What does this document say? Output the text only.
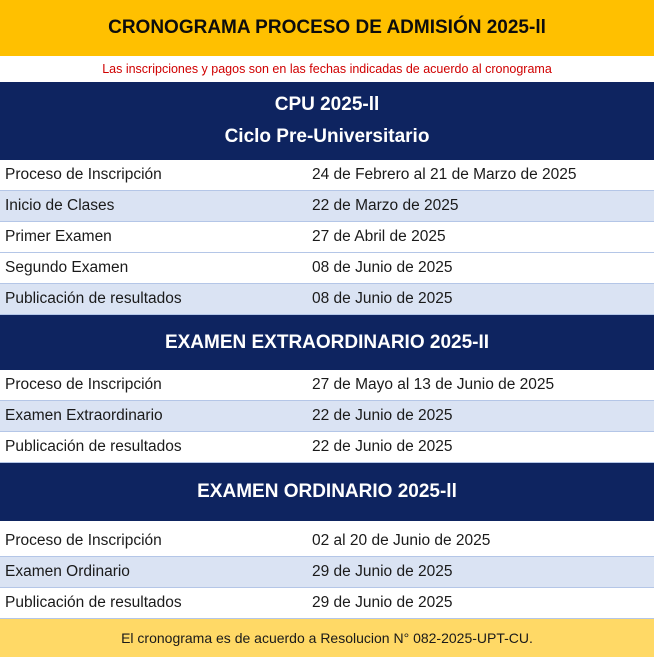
CRONOGRAMA PROCESO DE ADMISIÓN 2025-ll
Las inscripciones y pagos son en las fechas indicadas de acuerdo al cronograma
CPU 2025-ll
Ciclo Pre-Universitario
Proceso de Inscripción	24 de Febrero al 21 de Marzo de 2025
Inicio de Clases	22 de Marzo de 2025
Primer Examen	27 de Abril de 2025
Segundo Examen	08 de Junio de 2025
Publicación de resultados	08 de Junio de 2025
EXAMEN EXTRAORDINARIO 2025-II
Proceso de Inscripción	27 de Mayo al 13 de Junio de 2025
Examen Extraordinario	22 de Junio de 2025
Publicación de resultados	22 de Junio de 2025
EXAMEN ORDINARIO 2025-ll
Proceso de Inscripción	02 al 20 de Junio de 2025
Examen Ordinario	29 de Junio de 2025
Publicación de resultados	29 de Junio de 2025
El cronograma es de acuerdo a Resolucion N° 082-2025-UPT-CU.
